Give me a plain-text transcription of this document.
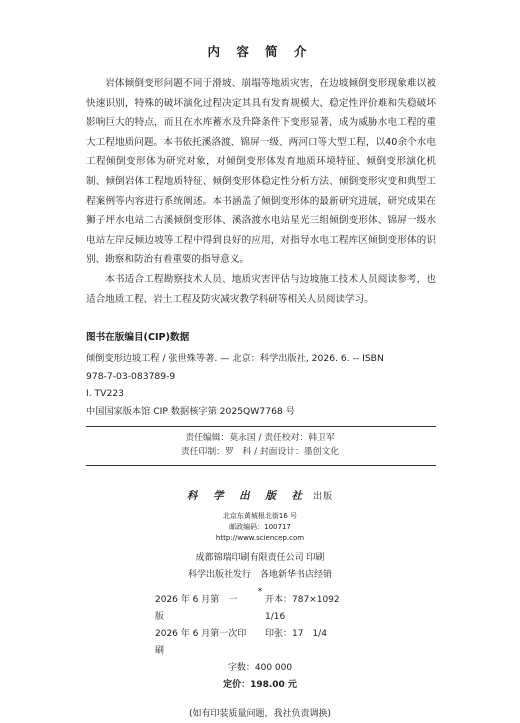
内 容 简 介

岩体倾倒变形问题不同于滑坡、崩塌等地质灾害，在边坡倾倒变形现象难以被快速识别，特殊的破坏演化过程决定其具有发育规模大、稳定性评价难和失稳破坏影响巨大的特点，而且在水库蓄水及升降条件下变形显著，成为威胁水电工程的重大工程地质问题。本书依托溪洛渡、锦屏一级、两河口等大型工程，以40余个水电工程倾倒变形体为研究对象，对倾倒变形体发育地质环境特征、倾倒变形演化机制、倾倒岩体工程地质特征、倾倒变形体稳定性分析方法、倾倒变形灾变和典型工程案例等内容进行系统阐述。本书涵盖了倾倒变形体的最新研究进展，研究成果在狮子坪水电站二古溪倾倒变形体、溪洛渡水电站星光三组倾倒变形体、锦屏一级水电站左岸反倾边坡等工程中得到良好的应用，对指导水电工程库区倾倒变形体的识别、勘察和防治有着重要的指导意义。

本书适合工程勘察技术人员、地质灾害评估与边坡施工技术人员阅读参考，也适合地质工程、岩土工程及防灾减灾教学科研等相关人员阅读学习。

图书在版编目(CIP)数据
倾倒变形边坡工程 / 张世殊等著. — 北京：科学出版社, 2026. 6. -- ISBN
978-7-03-083789-9
Ⅰ. TV223
中国国家版本馆 CIP 数据核字第 2025QW7768 号
责任编辑：莫永国 / 责任校对：韩卫军
责任印制：罗　科 / 封面设计：墨创文化
科 学 出 版 社 出版
北京东黄城根北街16 号
邮政编码：100717
http://www.sciencep.com
成都锦瑞印刷有限责任公司 印刷
科学出版社发行　各地新华书店经销
*
2026 年 6 月第　一　版
开本：787×1092　1/16
2026 年 6 月第一次印刷
印张：17　1/4
字数：400 000
定价：198.00 元
(如有印装质量问题，我社负责调换)
